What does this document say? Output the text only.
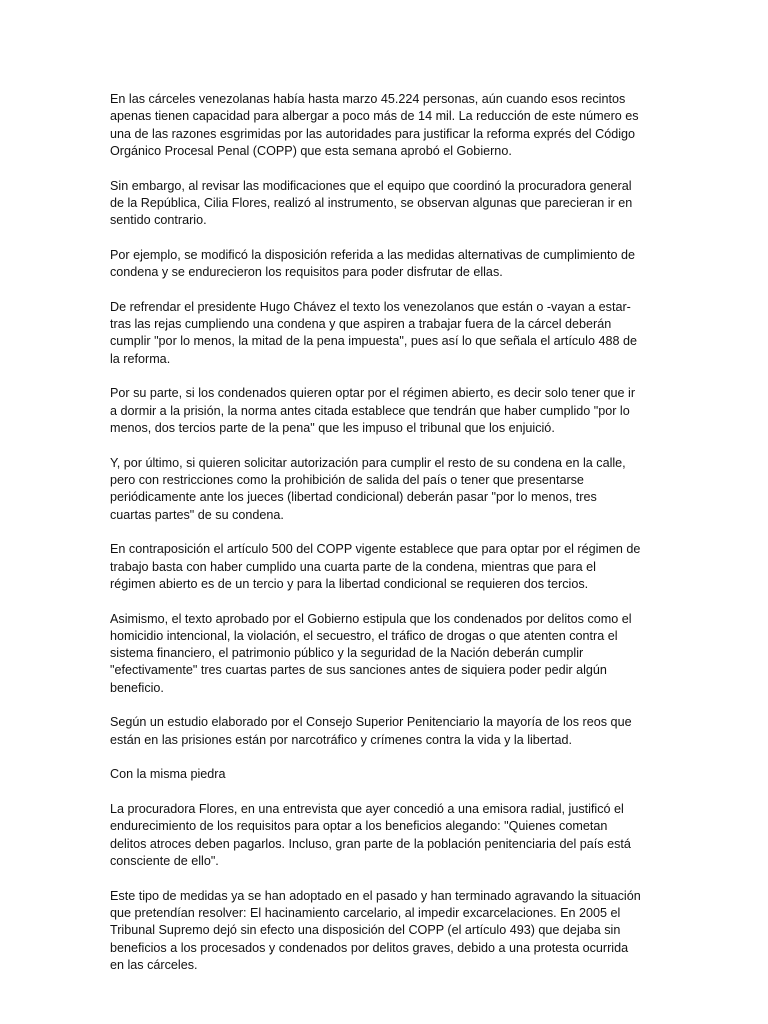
En las cárceles venezolanas había hasta marzo 45.224 personas, aún cuando esos recintos
apenas tienen capacidad para albergar a poco más de 14 mil. La reducción de este número es
una de las razones esgrimidas por las autoridades para justificar la reforma exprés del Código
Orgánico Procesal Penal (COPP) que esta semana aprobó el Gobierno.

Sin embargo, al revisar las modificaciones que el equipo que coordinó la procuradora general
de la República, Cilia Flores, realizó al instrumento, se observan algunas que parecieran ir en
sentido contrario.

Por ejemplo, se modificó la disposición referida a las medidas alternativas de cumplimiento de
condena y se endurecieron los requisitos para poder disfrutar de ellas.

De refrendar el presidente Hugo Chávez el texto los venezolanos que están o -vayan a estar-
tras las rejas cumpliendo una condena y que aspiren a trabajar fuera de la cárcel deberán
cumplir "por lo menos, la mitad de la pena impuesta", pues así lo que señala el artículo 488 de
la reforma.

Por su parte, si los condenados quieren optar por el régimen abierto, es decir solo tener que ir
a dormir a la prisión, la norma antes citada establece que tendrán que haber cumplido "por lo
menos, dos tercios parte de la pena" que les impuso el tribunal que los enjuició.

Y, por último, si quieren solicitar autorización para cumplir el resto de su condena en la calle,
pero con restricciones como la prohibición de salida del país o tener que presentarse
periódicamente ante los jueces (libertad condicional) deberán pasar "por lo menos, tres
cuartas partes" de su condena.

En contraposición el artículo 500 del COPP vigente establece que para optar por el régimen de
trabajo basta con haber cumplido una cuarta parte de la condena, mientras que para el
régimen abierto es de un tercio y para la libertad condicional se requieren dos tercios.

Asimismo, el texto aprobado por el Gobierno estipula que los condenados por delitos como el
homicidio intencional, la violación, el secuestro, el tráfico de drogas o que atenten contra el
sistema financiero, el patrimonio público y la seguridad de la Nación deberán cumplir
"efectivamente" tres cuartas partes de sus sanciones antes de siquiera poder pedir algún
beneficio.

Según un estudio elaborado por el Consejo Superior Penitenciario la mayoría de los reos que
están en las prisiones están por narcotráfico y crímenes contra la vida y la libertad.

Con la misma piedra

La procuradora Flores, en una entrevista que ayer concedió a una emisora radial, justificó el
endurecimiento de los requisitos para optar a los beneficios alegando: "Quienes cometan
delitos atroces deben pagarlos. Incluso, gran parte de la población penitenciaria del país está
consciente de ello".

Este tipo de medidas ya se han adoptado en el pasado y han terminado agravando la situación
que pretendían resolver: El hacinamiento carcelario, al impedir excarcelaciones. En 2005 el
Tribunal Supremo dejó sin efecto una disposición del COPP (el artículo 493) que dejaba sin
beneficios a los procesados y condenados por delitos graves, debido a una protesta ocurrida
en las cárceles.
